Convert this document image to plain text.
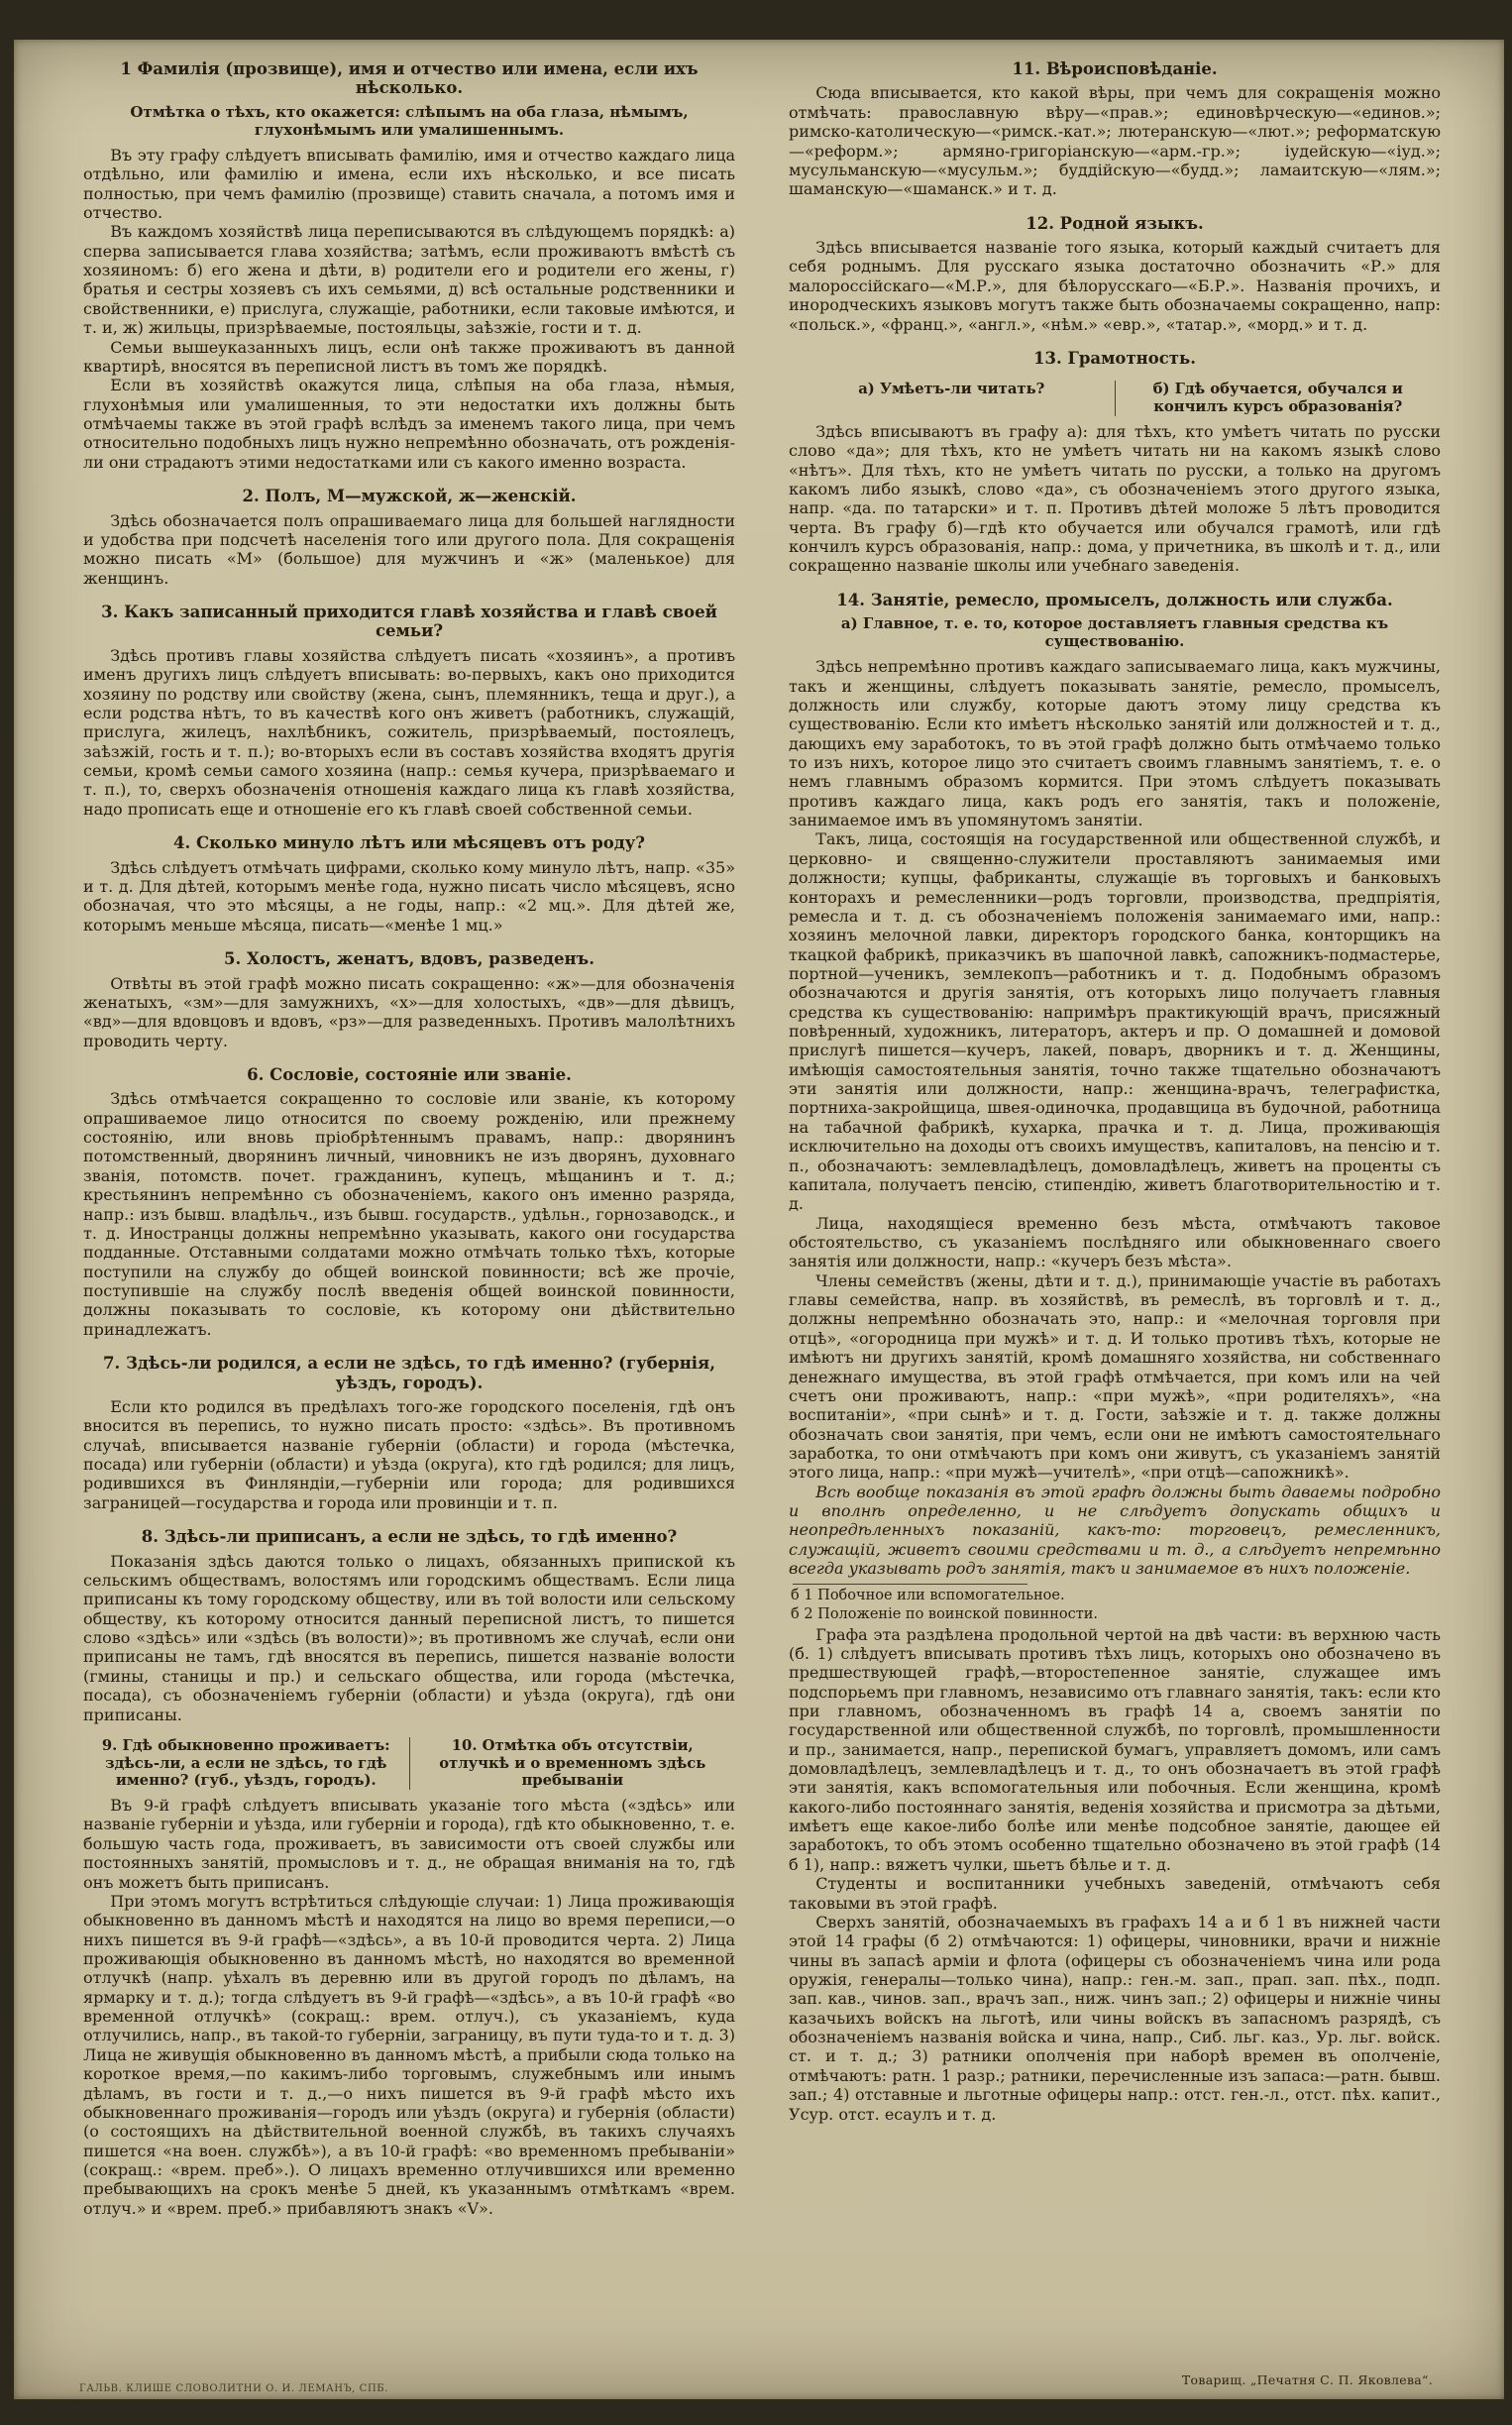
1 Фамилія (прозвище), имя и отчество или имена, если ихъ нѣсколько.
Отмѣтка о тѣхъ, кто окажется: слѣпымъ на оба глаза, нѣмымъ, глухонѣмымъ или умалишеннымъ.

Въ эту графу слѣдуетъ вписывать фамилію, имя и отчество каждаго лица отдѣльно, или фамилію и имена, если ихъ нѣсколько, и все писать полностью, при чемъ фамилію (прозвище) ставить сначала, а потомъ имя и отчество.

Въ каждомъ хозяйствѣ лица переписываются въ слѣдующемъ порядкѣ: а) сперва записывается глава хозяйства; затѣмъ, если проживаютъ вмѣстѣ съ хозяиномъ: б) его жена и дѣти, в) родители его и родители его жены, г) братья и сестры хозяевъ съ ихъ семьями, д) всѣ остальные родственники и свойственники, е) прислуга, служащіе, работники, если таковые имѣются, и т. и, ж) жильцы, призрѣваемые, постояльцы, заѣзжіе, гости и т. д.

Семьи вышеуказанныхъ лицъ, если онѣ также проживаютъ въ данной квартирѣ, вносятся въ переписной листъ въ томъ же порядкѣ.

Если въ хозяйствѣ окажутся лица, слѣпыя на оба глаза, нѣмыя, глухонѣмыя или умалишенныя, то эти недостатки ихъ должны быть отмѣчаемы также въ этой графѣ вслѣдъ за именемъ такого лица, при чемъ относительно подобныхъ лицъ нужно непремѣнно обозначать, отъ рожденія-ли они страдаютъ этими недостатками или съ какого именно возраста.

2. Полъ, М—мужской, ж—женскій.

Здѣсь обозначается полъ опрашиваемаго лица для большей наглядности и удобства при подсчетѣ населенія того или другого пола. Для сокращенія можно писать «М» (большое) для мужчинъ и «ж» (маленькое) для женщинъ.

3. Какъ записанный приходится главѣ хозяйства и главѣ своей семьи?

Здѣсь противъ главы хозяйства слѣдуетъ писать «хозяинъ», а противъ именъ другихъ лицъ слѣдуетъ вписывать: во-первыхъ, какъ оно приходится хозяину по родству или свойству (жена, сынъ, племянникъ, теща и друг.), а если родства нѣтъ, то въ качествѣ кого онъ живетъ (работникъ, служащій, прислуга, жилецъ, нахлѣбникъ, сожитель, призрѣваемый, постоялецъ, заѣзжій, гость и т. п.); во-вторыхъ если въ составъ хозяйства входятъ другія семьи, кромѣ семьи самого хозяина (напр.: семья кучера, призрѣваемаго и т. п.), то, сверхъ обозначенія отношенія каждаго лица къ главѣ хозяйства, надо прописать еще и отношеніе его къ главѣ своей собственной семьи.

4. Сколько минуло лѣтъ или мѣсяцевъ отъ роду?

Здѣсь слѣдуетъ отмѣчать цифрами, сколько кому минуло лѣтъ, напр. «35» и т. д. Для дѣтей, которымъ менѣе года, нужно писать число мѣсяцевъ, ясно обозначая, что это мѣсяцы, а не годы, напр.: «2 мц.». Для дѣтей же, которымъ меньше мѣсяца, писать—«менѣе 1 мц.»

5. Холостъ, женатъ, вдовъ, разведенъ.

Отвѣты въ этой графѣ можно писать сокращенно: «ж»—для обозначенія женатыхъ, «зм»—для замужнихъ, «х»—для холостыхъ, «дв»—для дѣвицъ, «вд»—для вдовцовъ и вдовъ, «рз»—для разведенныхъ. Противъ малолѣтнихъ проводить черту.

6. Сословіе, состояніе или званіе.

Здѣсь отмѣчается сокращенно то сословіе или званіе, къ которому опрашиваемое лицо относится по своему рожденію, или прежнему состоянію, или вновь пріобрѣтеннымъ правамъ, напр.: дворянинъ потомственный, дворянинъ личный, чиновникъ не изъ дворянъ, духовнаго званія, потомств. почет. гражданинъ, купецъ, мѣщанинъ и т. д.; крестьянинъ непремѣнно съ обозначеніемъ, какого онъ именно разряда, напр.: изъ бывш. владѣльч., изъ бывш. государств., удѣльн., горнозаводск., и т. д. Иностранцы должны непремѣнно указывать, какого они государства подданные. Отставными солдатами можно отмѣчать только тѣхъ, которые поступили на службу до общей воинской повинности; всѣ же прочіе, поступившіе на службу послѣ введенія общей воинской повинности, должны показывать то сословіе, къ которому они дѣйствительно принадлежатъ.

7. Здѣсь-ли родился, а если не здѣсь, то гдѣ именно? (губернія, уѣздъ, городъ).

Если кто родился въ предѣлахъ того-же городского поселенія, гдѣ онъ вносится въ перепись, то нужно писать просто: «здѣсь». Въ противномъ случаѣ, вписывается названіе губерніи (области) и города (мѣстечка, посада) или губерніи (области) и уѣзда (округа), кто гдѣ родился; для лицъ, родившихся въ Финляндіи,—губерніи или города; для родившихся заграницей—государства и города или провинціи и т. п.

8. Здѣсь-ли приписанъ, а если не здѣсь, то гдѣ именно?

Показанія здѣсь даются только о лицахъ, обязанныхъ припиской къ сельскимъ обществамъ, волостямъ или городскимъ обществамъ. Если лица приписаны къ тому городскому обществу, или въ той волости или сельскому обществу, къ которому относится данный переписной листъ, то пишется слово «здѣсь» или «здѣсь (въ волости)»; въ противномъ же случаѣ, если они приписаны не тамъ, гдѣ вносятся въ перепись, пишется названіе волости (гмины, станицы и пр.) и сельскаго общества, или города (мѣстечка, посада), съ обозначеніемъ губерніи (области) и уѣзда (округа), гдѣ они приписаны.

9. Гдѣ обыкновенно проживаетъ: здѣсь-ли, а если не здѣсь, то гдѣ именно? (губ., уѣздъ, городъ).
10. Отмѣтка объ отсутствіи, отлучкѣ и о временномъ здѣсь пребываніи

Въ 9-й графѣ слѣдуетъ вписывать указаніе того мѣста («здѣсь» или названіе губерніи и уѣзда, или губерніи и города), гдѣ кто обыкновенно, т. е. большую часть года, проживаетъ, въ зависимости отъ своей службы или постоянныхъ занятій, промысловъ и т. д., не обращая вниманія на то, гдѣ онъ можетъ быть приписанъ.

При этомъ могутъ встрѣтиться слѣдующіе случаи: 1) Лица проживающія обыкновенно въ данномъ мѣстѣ и находятся на лицо во время переписи,—о нихъ пишется въ 9-й графѣ—«здѣсь», а въ 10-й проводится черта. 2) Лица проживающія обыкновенно въ данномъ мѣстѣ, но находятся во временной отлучкѣ (напр. уѣхалъ въ деревню или въ другой городъ по дѣламъ, на ярмарку и т. д.); тогда слѣдуетъ въ 9-й графѣ—«здѣсь», а въ 10-й графѣ «во временной отлучкѣ» (сокращ.: врем. отлуч.), съ указаніемъ, куда отлучились, напр., въ такой-то губерніи, заграницу, въ пути туда-то и т. д. 3) Лица не живущія обыкновенно въ данномъ мѣстѣ, а прибыли сюда только на короткое время,—по какимъ-либо торговымъ, служебнымъ или инымъ дѣламъ, въ гости и т. д.,—о нихъ пишется въ 9-й графѣ мѣсто ихъ обыкновеннаго проживанія—городъ или уѣздъ (округа) и губернія (области) (о состоящихъ на дѣйствительной военной службѣ, въ такихъ случаяхъ пишется «на воен. службѣ»), а въ 10-й графѣ: «во временномъ пребываніи» (сокращ.: «врем. преб».). О лицахъ временно отлучившихся или временно пребывающихъ на срокъ менѣе 5 дней, къ указаннымъ отмѣткамъ «врем. отлуч.» и «врем. преб.» прибавляютъ знакъ «V».

11. Вѣроисповѣданіе.

Сюда вписывается, кто какой вѣры, при чемъ для сокращенія можно отмѣчать: православную вѣру—«прав.»; единовѣрческую—«единов.»; римско-католическую—«римск.-кат.»; лютеранскую—«лют.»; реформатскую—«реформ.»; армяно-григоріанскую—«арм.-гр.»; іудейскую—«іуд.»; мусульманскую—«мусульм.»; буддійскую—«будд.»; ламаитскую—«лям.»; шаманскую—«шаманск.» и т. д.

12. Родной языкъ.

Здѣсь вписывается названіе того языка, который каждый считаетъ для себя роднымъ. Для русскаго языка достаточно обозначить «Р.» для малороссійскаго—«М.Р.», для бѣлорусскаго—«Б.Р.». Названія прочихъ, и инородческихъ языковъ могутъ также быть обозначаемы сокращенно, напр: «польск.», «франц.», «англ.», «нѣм.» «евр.», «татар.», «морд.» и т. д.

13. Грамотность.
а) Умѣетъ-ли читать?	б) Гдѣ обучается, обучался и кончилъ курсъ образованія?

Здѣсь вписываютъ въ графу а): для тѣхъ, кто умѣетъ читать по русски слово «да»; для тѣхъ, кто не умѣетъ читать ни на какомъ языкѣ слово «нѣтъ». Для тѣхъ, кто не умѣетъ читать по русски, а только на другомъ какомъ либо языкѣ, слово «да», съ обозначеніемъ этого другого языка, напр. «да. по татарски» и т. п. Противъ дѣтей моложе 5 лѣтъ проводится черта. Въ графу б)—гдѣ кто обучается или обучался грамотѣ, или гдѣ кончилъ курсъ образованія, напр.: дома, у причетника, въ школѣ и т. д., или сокращенно названіе школы или учебнаго заведенія.

14. Занятіе, ремесло, промыселъ, должность или служба.
а) Главное, т. е. то, которое доставляетъ главныя средства къ существованію.

Здѣсь непремѣнно противъ каждаго записываемаго лица, какъ мужчины, такъ и женщины, слѣдуетъ показывать занятіе, ремесло, промыселъ, должность или службу, которые даютъ этому лицу средства къ существованію. Если кто имѣетъ нѣсколько занятій или должностей и т. д., дающихъ ему заработокъ, то въ этой графѣ должно быть отмѣчаемо только то изъ нихъ, которое лицо это считаетъ своимъ главнымъ занятіемъ, т. е. о немъ главнымъ образомъ кормится. При этомъ слѣдуетъ показывать противъ каждаго лица, какъ родъ его занятія, такъ и положеніе, занимаемое имъ въ упомянутомъ занятіи.

Такъ, лица, состоящія на государственной или общественной службѣ, и церковно- и священно-служители проставляютъ занимаемыя ими должности; купцы, фабриканты, служащіе въ торговыхъ и банковыхъ конторахъ и ремесленники—родъ торговли, производства, предпріятія, ремесла и т. д. съ обозначеніемъ положенія занимаемаго ими, напр.: хозяинъ мелочной лавки, директоръ городского банка, конторщикъ на ткацкой фабрикѣ, приказчикъ въ шапочной лавкѣ, сапожникъ-подмастерье, портной—ученикъ, землекопъ—работникъ и т. д. Подобнымъ образомъ обозначаются и другія занятія, отъ которыхъ лицо получаетъ главныя средства къ существованію: напримѣръ практикующій врачъ, присяжный повѣренный, художникъ, литераторъ, актеръ и пр. О домашней и домовой прислугѣ пишется—кучеръ, лакей, поваръ, дворникъ и т. д. Женщины, имѣющія самостоятельныя занятія, точно также тщательно обозначаютъ эти занятія или должности, напр.: женщина-врачъ, телеграфистка, портниха-закройщица, швея-одиночка, продавщица въ будочной, работница на табачной фабрикѣ, кухарка, прачка и т. д. Лица, проживающія исключительно на доходы отъ своихъ имуществъ, капиталовъ, на пенсію и т. п., обозначаютъ: землевладѣлецъ, домовладѣлецъ, живетъ на проценты съ капитала, получаетъ пенсію, стипендію, живетъ благотворительностію и т. д.

Лица, находящіеся временно безъ мѣста, отмѣчаютъ таковое обстоятельство, съ указаніемъ послѣдняго или обыкновеннаго своего занятія или должности, напр.: «кучеръ безъ мѣста».

Члены семействъ (жены, дѣти и т. д.), принимающіе участіе въ работахъ главы семейства, напр. въ хозяйствѣ, въ ремеслѣ, въ торговлѣ и т. д., должны непремѣнно обозначать это, напр.: и «мелочная торговля при отцѣ», «огородница при мужѣ» и т. д. И только противъ тѣхъ, которые не имѣютъ ни другихъ занятій, кромѣ домашняго хозяйства, ни собственнаго денежнаго имущества, въ этой графѣ отмѣчается, при комъ или на чей счетъ они проживаютъ, напр.: «при мужѣ», «при родителяхъ», «на воспитаніи», «при сынѣ» и т. д. Гости, заѣзжіе и т. д. также должны обозначать свои занятія, при чемъ, если они не имѣютъ самостоятельнаго заработка, то они отмѣчаютъ при комъ они живутъ, съ указаніемъ занятій этого лица, напр.: «при мужѣ—учителѣ», «при отцѣ—сапожникѣ».

Всѣ вообще показанія въ этой графѣ должны быть даваемы подробно и вполнѣ определенно, и не слѣдуетъ допускать общихъ и неопредѣленныхъ показаній, какъ-то: торговецъ, ремесленникъ, служащій, живетъ своими средствами и т. д., а слѣдуетъ непремѣнно всегда указывать родъ занятія, такъ и занимаемое въ нихъ положеніе.

б 1 Побочное или вспомогательное.
б 2 Положеніе по воинской повинности.

Графа эта раздѣлена продольной чертой на двѣ части: въ верхнюю часть (б. 1) слѣдуетъ вписывать противъ тѣхъ лицъ, которыхъ оно обозначено въ предшествующей графѣ,—второстепенное занятіе, служащее имъ подспорьемъ при главномъ, независимо отъ главнаго занятія, такъ: если кто при главномъ, обозначенномъ въ графѣ 14 а, своемъ занятіи по государственной или общественной службѣ, по торговлѣ, промышленности и пр., занимается, напр., перепиской бумагъ, управляетъ домомъ, или самъ домовладѣлецъ, землевладѣлецъ и т. д., то онъ обозначаетъ въ этой графѣ эти занятія, какъ вспомогательныя или побочныя. Если женщина, кромѣ какого-либо постояннаго занятія, веденія хозяйства и присмотра за дѣтьми, имѣетъ еще какое-либо болѣе или менѣе подсобное занятіе, дающее ей заработокъ, то объ этомъ особенно тщательно обозначено въ этой графѣ (14 б 1), напр.: вяжетъ чулки, шьетъ бѣлье и т. д.

Студенты и воспитанники учебныхъ заведеній, отмѣчаютъ себя таковыми въ этой графѣ.

Сверхъ занятій, обозначаемыхъ въ графахъ 14 а и б 1 въ нижней части этой 14 графы (б 2) отмѣчаются: 1) офицеры, чиновники, врачи и нижніе чины въ запасѣ арміи и флота (офицеры съ обозначеніемъ чина или рода оружія, генералы—только чина), напр.: ген.-м. зап., прап. зап. пѣх., подп. зап. кав., чинов. зап., врачъ зап., ниж. чинъ зап.; 2) офицеры и нижніе чины казачьихъ войскъ на льготѣ, или чины войскъ въ запасномъ разрядѣ, съ обозначеніемъ названія войска и чина, напр., Сиб. льг. каз., Ур. льг. войск. ст. и т. д.; 3) ратники ополченія при наборѣ времен въ ополченіе, отмѣчаютъ: ратн. 1 разр.; ратники, перечисленные изъ запаса:—ратн. бывш. зап.; 4) отставные и льготные офицеры напр.: отст. ген.-л., отст. пѣх. капит., Усур. отст. есаулъ и т. д.

ГАЛЬВ. КЛИШЕ СЛОВОЛИТНИ О. И. ЛЕМАНЪ, СПБ.
Товарищ. „Печатня С. П. Яковлева“.
